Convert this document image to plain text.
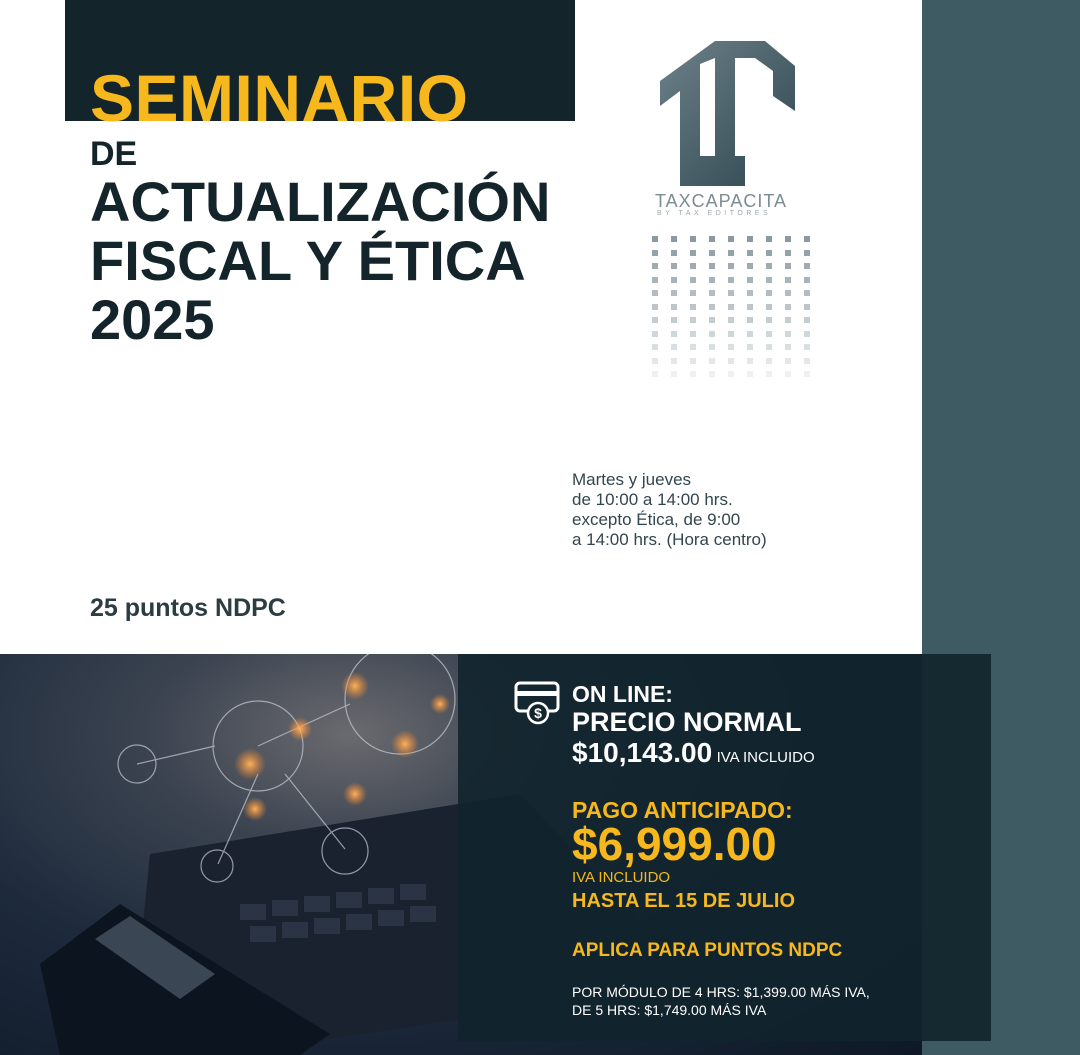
SEMINARIO
DE
ACTUALIZACIÓN
FISCAL Y ÉTICA
2025
TAXCAPACITA
BY TAX EDITORES
Martes y jueves
de 10:00 a 14:00 hrs.
excepto Ética, de 9:00
a 14:00 hrs. (Hora centro)
25 puntos NDPC
$
ON LINE:
PRECIO NORMAL
$10,143.00 IVA INCLUIDO
PAGO ANTICIPADO:
$6,999.00
IVA INCLUIDO
HASTA EL 15 DE JULIO
APLICA PARA PUNTOS NDPC
POR MÓDULO DE 4 HRS: $1,399.00 MÁS IVA,
DE 5 HRS: $1,749.00 MÁS IVA
